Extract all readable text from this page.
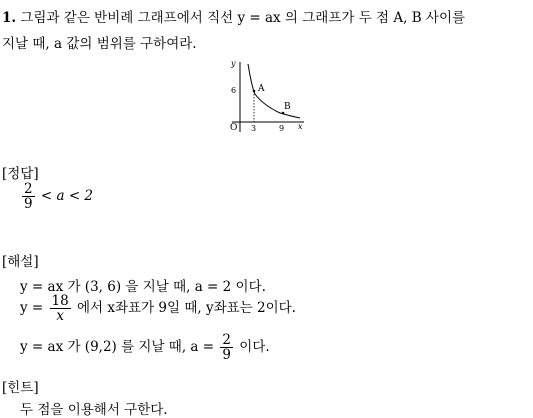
1. 그림과 같은 반비례 그래프에서 직선 y = ax 의 그래프가 두 점 A, B 사이를
지날 때, a 값의 범위를 구하여라.
y
x
O
6
3	9
A
B
[정답]
$\frac{2}{9} < a < 2$
[해설]
y = ax 가 (3, 6) 을 지날 때, a = 2 이다.
$y = \frac{18}{x}$ 에서 x좌표가 9일 때, y좌표는 2이다.
y = ax 가 (9,2) 를 지날 때, $a = \frac{2}{9}$ 이다.
[힌트]
두 점을 이용해서 구한다.
